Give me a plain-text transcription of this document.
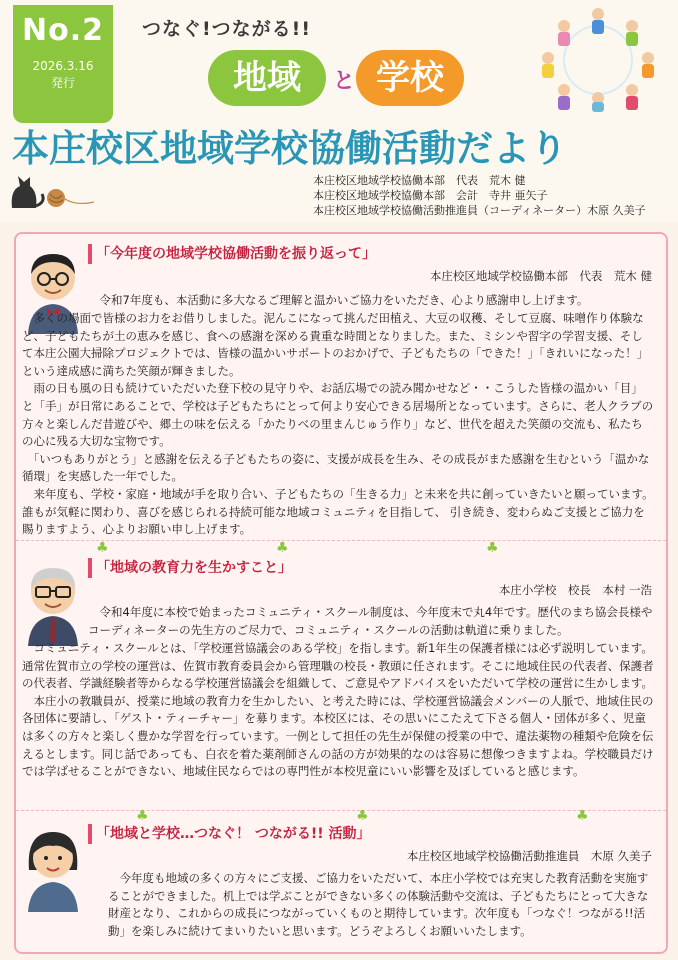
No.2
2026.3.16
発行
つなぐ!つながる!!
地域	と 学校
本庄校区地域学校協働活動だより
本庄校区地域学校協働本部　代表　荒木 健
本庄校区地域学校協働本部　会計　寺井 亜矢子
本庄校区地域学校協働活動推進員（コーディネーター）木原 久美子
「今年度の地域学校協働活動を振り返って」
本庄校区地域学校協働本部　代表　荒木 健

　令和7年度も、本活動に多大なるご理解と温かいご協力をいただき、心より感謝申し上げます。

　多くの場面で皆様のお力をお借りしました。泥んこになって挑んだ田植え、大豆の収穫、そして豆腐、味噌作り体験など、子どもたちが土の恵みを感じ、食への感謝を深める貴重な時間となりました。また、ミシンや習字の学習支援、そして本庄公園大掃除プロジェクトでは、皆様の温かいサポートのおかげで、子どもたちの「できた！」「きれいになった！」という達成感に満ちた笑顔が輝きました。

　雨の日も風の日も続けていただいた登下校の見守りや、お話広場での読み聞かせなど・・こうした皆様の温かい「目」と「手」が日常にあることで、学校は子どもたちにとって何より安心できる居場所となっています。さらに、老人クラブの方々と楽しんだ昔遊びや、郷土の味を伝える「かたりべの里まんじゅう作り」など、世代を超えた笑顔の交流も、私たちの心に残る大切な宝物です。

　「いつもありがとう」と感謝を伝える子どもたちの姿に、支援が成長を生み、その成長がまた感謝を生むという「温かな循環」を実感した一年でした。

　来年度も、学校・家庭・地域が手を取り合い、子どもたちの「生きる力」と未来を共に創っていきたいと願っています。誰もが気軽に関わり、喜びを感じられる持続可能な地域コミュニティを目指して、 引き続き、変わらぬご支援とご協力を賜りますよう、心よりお願い申し上げます。

♣	♣	♣
「地域の教育力を生かすこと」
本庄小学校　校長　本村 一浩

　令和4年度に本校で始まったコミュニティ・スクール制度は、今年度末で丸4年です。歴代のまち協会長様やコーディネーターの先生方のご尽力で、コミュニティ・スクールの活動は軌道に乗りました。

　コミュニティ・スクールとは、「学校運営協議会のある学校」を指します。新1年生の保護者様には必ず説明しています。通常佐賀市立の学校の運営は、佐賀市教育委員会から管理職の校長・教頭に任されます。そこに地域住民の代表者、保護者の代表者、学識経験者等からなる学校運営協議会を組織して、ご意見やアドバイスをいただいて学校の運営に生かします。

　本庄小の教職員が、授業に地域の教育力を生かしたい、と考えた時には、学校運営協議会メンバーの人脈で、地域住民の各団体に要請し、「ゲスト・ティーチャー」を募ります。本校区には、その思いにこたえて下さる個人・団体が多く、児童は多くの方々と楽しく豊かな学習を行っています。一例として担任の先生が保健の授業の中で、違法薬物の種類や危険を伝えるとします。同じ話であっても、白衣を着た薬剤師さんの話の方が効果的なのは容易に想像つきますよね。学校職員だけでは学ばせることができない、地域住民ならではの専門性が本校児童にいい影響を及ぼしていると感じます。

♣	♣	♣
「地域と学校…つなぐ！ つながる!! 活動」
本庄校区地域学校協働活動推進員　木原 久美子

　今年度も地域の多くの方々にご支援、ご協力をいただいて、本庄小学校では充実した教育活動を実施することができました。机上では学ぶことができない多くの体験活動や交流は、子どもたちにとって大きな財産となり、これからの成長につながっていくものと期待しています。次年度も「つなぐ！つながる!!活動」を楽しみに続けてまいりたいと思います。どうぞよろしくお願いいたします。
